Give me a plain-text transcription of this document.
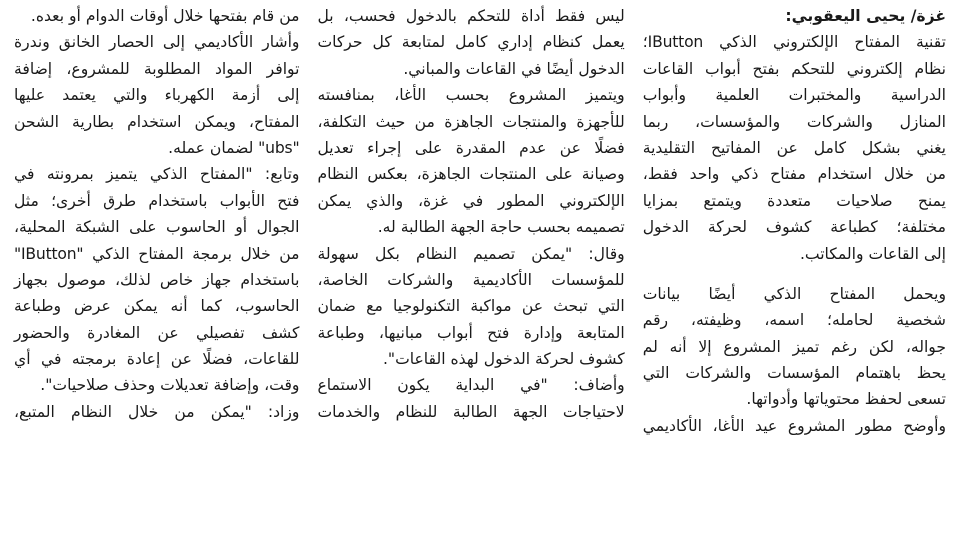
غزة/ يحيى اليعقوبي:
تقنية المفتاح الإلكتروني الذكي IButton؛
نظام إلكتروني للتحكم بفتح أبواب القاعات
الدراسية والمختبرات العلمية وأبواب
المنازل والشركات والمؤسسات، ربما
يغني بشكل كامل عن المفاتيح التقليدية
من خلال استخدام مفتاح ذكي واحد فقط،
يمنح صلاحيات متعددة ويتمتع بمزايا
مختلفة؛ كطباعة كشوف لحركة الدخول
إلى القاعات والمكاتب.
ويحمل المفتاح الذكي أيضًا بيانات
شخصية لحامله؛ اسمه، وظيفته، رقم
جواله، لكن رغم تميز المشروع إلا أنه لم
يحظ باهتمام المؤسسات والشركات التي
تسعى لحفظ محتوياتها وأدواتها.
وأوضح مطور المشروع عيد الأغا، الأكاديمي
ليس فقط أداة للتحكم بالدخول فحسب، بل
يعمل كنظام إداري كامل لمتابعة كل حركات
الدخول أيضًا في القاعات والمباني.
ويتميز المشروع بحسب الأغا، بمنافسته
للأجهزة والمنتجات الجاهزة من حيث التكلفة،
فضلًا عن عدم المقدرة على إجراء تعديل
وصيانة على المنتجات الجاهزة، بعكس النظام
الإلكتروني المطور في غزة، والذي يمكن
تصميمه بحسب حاجة الجهة الطالبة له.
وقال: "يمكن تصميم النظام بكل سهولة
للمؤسسات الأكاديمية والشركات الخاصة،
التي تبحث عن مواكبة التكنولوجيا مع ضمان
المتابعة وإدارة فتح أبواب مبانيها، وطباعة
كشوف لحركة الدخول لهذه القاعات".
وأضاف: "في البداية يكون الاستماع
لاحتياجات الجهة الطالبة للنظام والخدمات
من قام بفتحها خلال أوقات الدوام أو بعده.
وأشار الأكاديمي إلى الحصار الخانق وندرة
توافر المواد المطلوبة للمشروع، إضافة
إلى أزمة الكهرباء والتي يعتمد عليها
المفتاح، ويمكن استخدام بطارية الشحن
"ubs" لضمان عمله.
وتابع: "المفتاح الذكي يتميز بمرونته في
فتح الأبواب باستخدام طرق أخرى؛ مثل
الجوال أو الحاسوب على الشبكة المحلية،
من خلال برمجة المفتاح الذكي "IButton"
باستخدام جهاز خاص لذلك، موصول بجهاز
الحاسوب، كما أنه يمكن عرض وطباعة
كشف تفصيلي عن المغادرة والحضور
للقاعات، فضلًا عن إعادة برمجته في أي
وقت، وإضافة تعديلات وحذف صلاحيات".
وزاد: "يمكن من خلال النظام المتبع،
